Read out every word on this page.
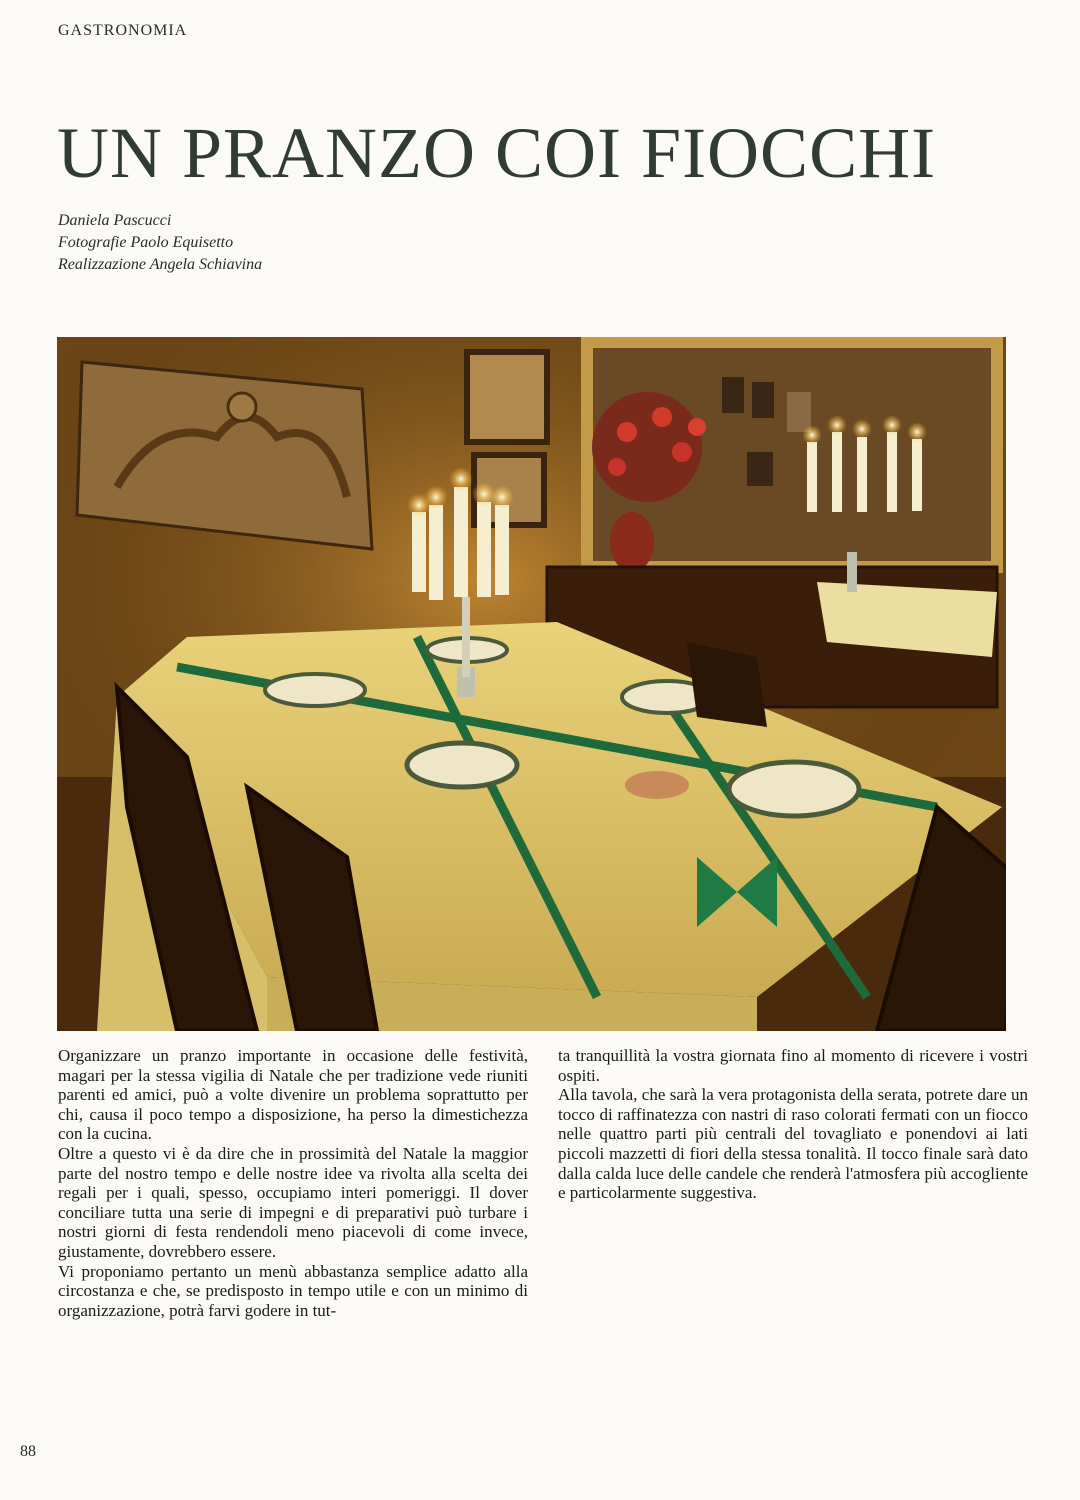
GASTRONOMIA
UN PRANZO COI FIOCCHI
Daniela Pascucci
Fotografie Paolo Equisetto
Realizzazione Angela Schiavina

Organizzare un pranzo importante in occasione delle festività, magari per la stessa vigilia di Natale che per tradizione vede riuniti parenti ed amici, può a volte divenire un problema soprattutto per chi, causa il poco tempo a disposizione, ha perso la dimestichezza con la cucina.

Oltre a questo vi è da dire che in prossimità del Natale la maggior parte del nostro tempo e delle nostre idee va rivolta alla scelta dei regali per i quali, spesso, occupiamo interi pomeriggi. Il dover conciliare tutta una serie di impegni e di preparativi può turbare i nostri giorni di festa rendendoli meno piacevoli di come invece, giustamente, dovrebbero essere.

Vi proponiamo pertanto un menù abbastanza semplice adatto alla circostanza e che, se predisposto in tempo utile e con un minimo di organizzazione, potrà farvi godere in tut-

ta tranquillità la vostra giornata fino al momento di ricevere i vostri ospiti.

Alla tavola, che sarà la vera protagonista della serata, potrete dare un tocco di raffinatezza con nastri di raso colorati fermati con un fiocco nelle quattro parti più centrali del tovagliato e ponendovi ai lati piccoli mazzetti di fiori della stessa tonalità. Il tocco finale sarà dato dalla calda luce delle candele che renderà l'atmosfera più accogliente e particolarmente suggestiva.

88
